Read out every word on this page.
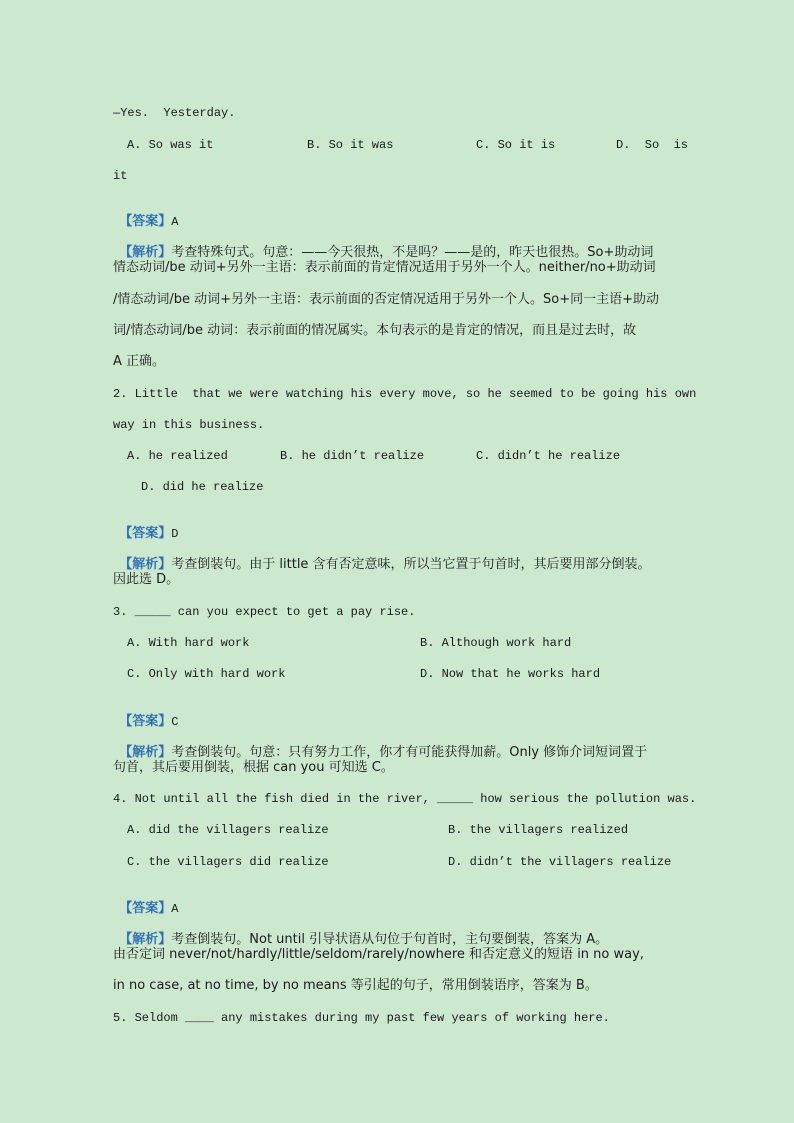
—Yes.  Yesterday.
A. So was it	B. So it was	C. So it is	D.  So  is
it

【答案】A

【解析】考查特殊句式。句意：——今天很热，不是吗？——是的，昨天也很热。So+助动词

情态动词/be 动词+另外一主语：表示前面的肯定情况适用于另外一个人。neither/no+助动词
/情态动词/be 动词+另外一主语：表示前面的否定情况适用于另外一个人。So+同一主语+助动
词/情态动词/be 动词：表示前面的情况属实。本句表示的是肯定的情况，而且是过去时，故
A 正确。
2. Little  that we were watching his every move, so he seemed to be going his own
way in this business.
A. he realized	B. he didn’t realize	C. didn’t he realize
D. did he realize

【答案】D

【解析】考查倒装句。由于 little 含有否定意味，所以当它置于句首时，其后要用部分倒装。

因此选 D。
3. _____ can you expect to get a pay rise.
A. With hard work	B. Although work hard
C. Only with hard work	D. Now that he works hard

【答案】C

【解析】考查倒装句。句意：只有努力工作，你才有可能获得加薪。Only 修饰介词短词置于

句首，其后要用倒装，根据 can you 可知选 C。
4. Not until all the fish died in the river, _____ how serious the pollution was.
A. did the villagers realize	B. the villagers realized
C. the villagers did realize	D. didn’t the villagers realize

【答案】A

【解析】考查倒装句。Not until 引导状语从句位于句首时，主句要倒装，答案为 A。

由否定词 never/not/hardly/little/seldom/rarely/nowhere 和否定意义的短语 in no way,
in no case, at no time, by no means 等引起的句子，常用倒装语序，答案为 B。
5. Seldom ____ any mistakes during my past few years of working here.
